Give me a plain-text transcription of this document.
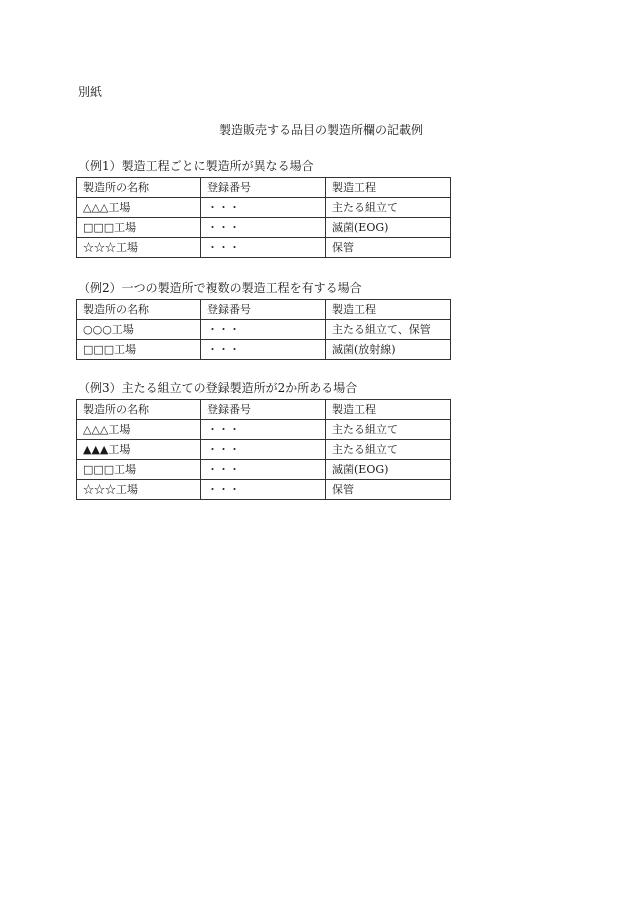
別紙
製造販売する品目の製造所欄の記載例
（例1）製造工程ごとに製造所が異なる場合
製造所の名称	登録番号	製造工程
△△△工場	・・・	主たる組立て
□□□工場	・・・	滅菌(EOG)
☆☆☆工場	・・・	保管
（例2）一つの製造所で複数の製造工程を有する場合
製造所の名称	登録番号	製造工程
○○○工場	・・・	主たる組立て、保管
□□□工場	・・・	滅菌(放射線)
（例3）主たる組立ての登録製造所が2か所ある場合
製造所の名称	登録番号	製造工程
△△△工場	・・・	主たる組立て
▲▲▲工場	・・・	主たる組立て
□□□工場	・・・	滅菌(EOG)
☆☆☆工場	・・・	保管
